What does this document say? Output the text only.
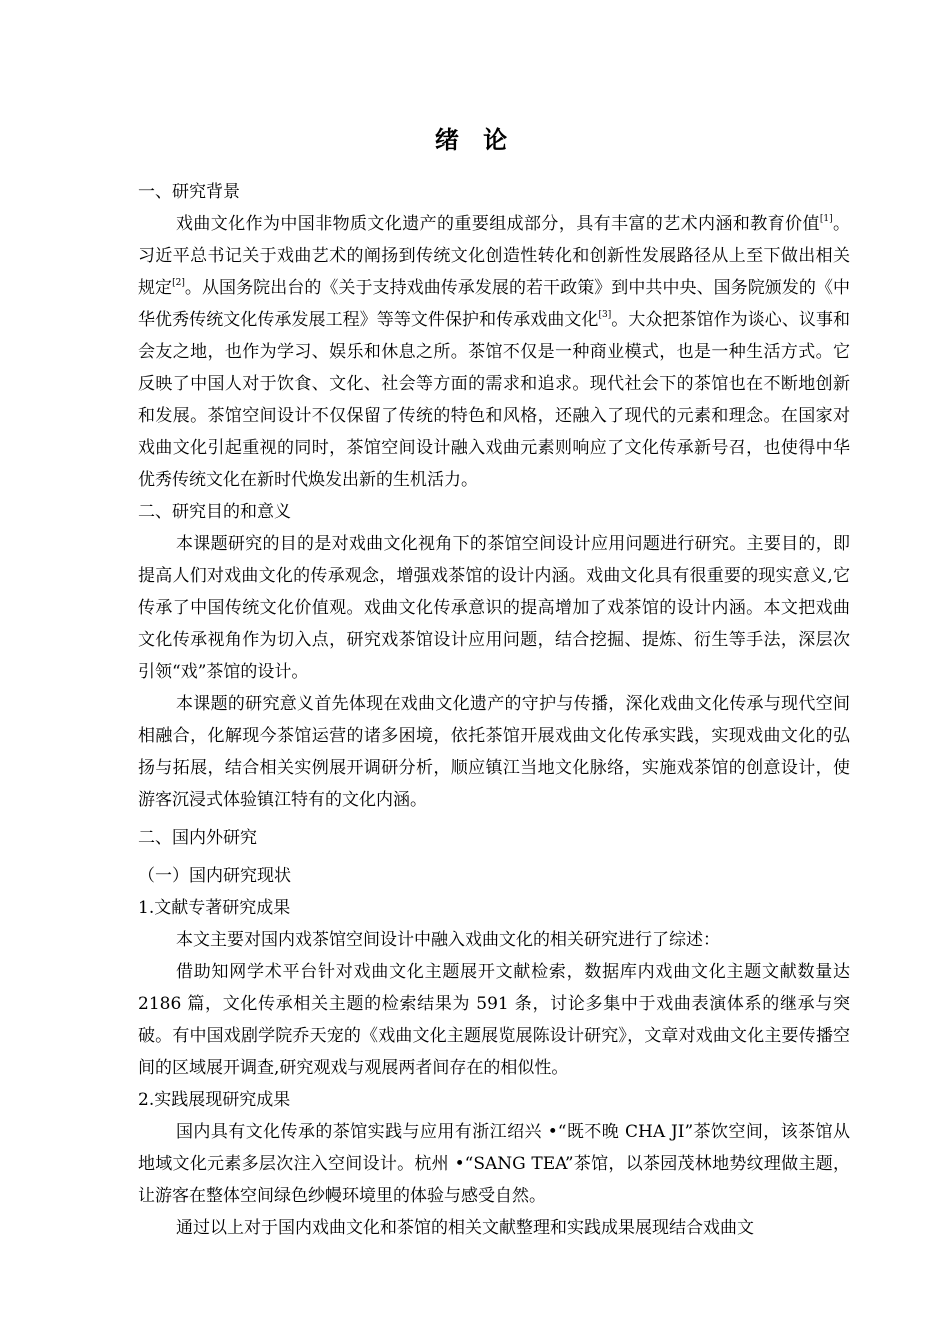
绪 论
一、研究背景

戏曲文化作为中国非物质文化遗产的重要组成部分，具有丰富的艺术内涵和教育价值[1]。习近平总书记关于戏曲艺术的阐扬到传统文化创造性转化和创新性发展路径从上至下做出相关规定[2]。从国务院出台的《关于支持戏曲传承发展的若干政策》到中共中央、国务院颁发的《中华优秀传统文化传承发展工程》等等文件保护和传承戏曲文化[3]。大众把茶馆作为谈心、议事和会友之地，也作为学习、娱乐和休息之所。茶馆不仅是一种商业模式，也是一种生活方式。它反映了中国人对于饮食、文化、社会等方面的需求和追求。现代社会下的茶馆也在不断地创新和发展。茶馆空间设计不仅保留了传统的特色和风格，还融入了现代的元素和理念。在国家对戏曲文化引起重视的同时，茶馆空间设计融入戏曲元素则响应了文化传承新号召，也使得中华优秀传统文化在新时代焕发出新的生机活力。

二、研究目的和意义

本课题研究的目的是对戏曲文化视角下的茶馆空间设计应用问题进行研究。主要目的，即提高人们对戏曲文化的传承观念，增强戏茶馆的设计内涵。戏曲文化具有很重要的现实意义,它传承了中国传统文化价值观。戏曲文化传承意识的提高增加了戏茶馆的设计内涵。本文把戏曲文化传承视角作为切入点，研究戏茶馆设计应用问题，结合挖掘、提炼、衍生等手法，深层次引领“戏”茶馆的设计。

本课题的研究意义首先体现在戏曲文化遗产的守护与传播，深化戏曲文化传承与现代空间相融合，化解现今茶馆运营的诸多困境，依托茶馆开展戏曲文化传承实践，实现戏曲文化的弘扬与拓展，结合相关实例展开调研分析，顺应镇江当地文化脉络，实施戏茶馆的创意设计，使游客沉浸式体验镇江特有的文化内涵。

二、国内外研究
（一）国内研究现状
1.文献专著研究成果

本文主要对国内戏茶馆空间设计中融入戏曲文化的相关研究进行了综述：

借助知网学术平台针对戏曲文化主题展开文献检索，数据库内戏曲文化主题文献数量达 2186 篇，文化传承相关主题的检索结果为 591 条，讨论多集中于戏曲表演体系的继承与突破。有中国戏剧学院乔天宠的《戏曲文化主题展览展陈设计研究》，文章对戏曲文化主要传播空间的区域展开调查,研究观戏与观展两者间存在的相似性。

2.实践展现研究成果

国内具有文化传承的茶馆实践与应用有浙江绍兴 •“既不晚 CHA JI”茶饮空间，该茶馆从地域文化元素多层次注入空间设计。杭州 •“SANG TEA”茶馆，以茶园茂林地势纹理做主题，让游客在整体空间绿色纱幔环境里的体验与感受自然。

通过以上对于国内戏曲文化和茶馆的相关文献整理和实践成果展现结合戏曲文
